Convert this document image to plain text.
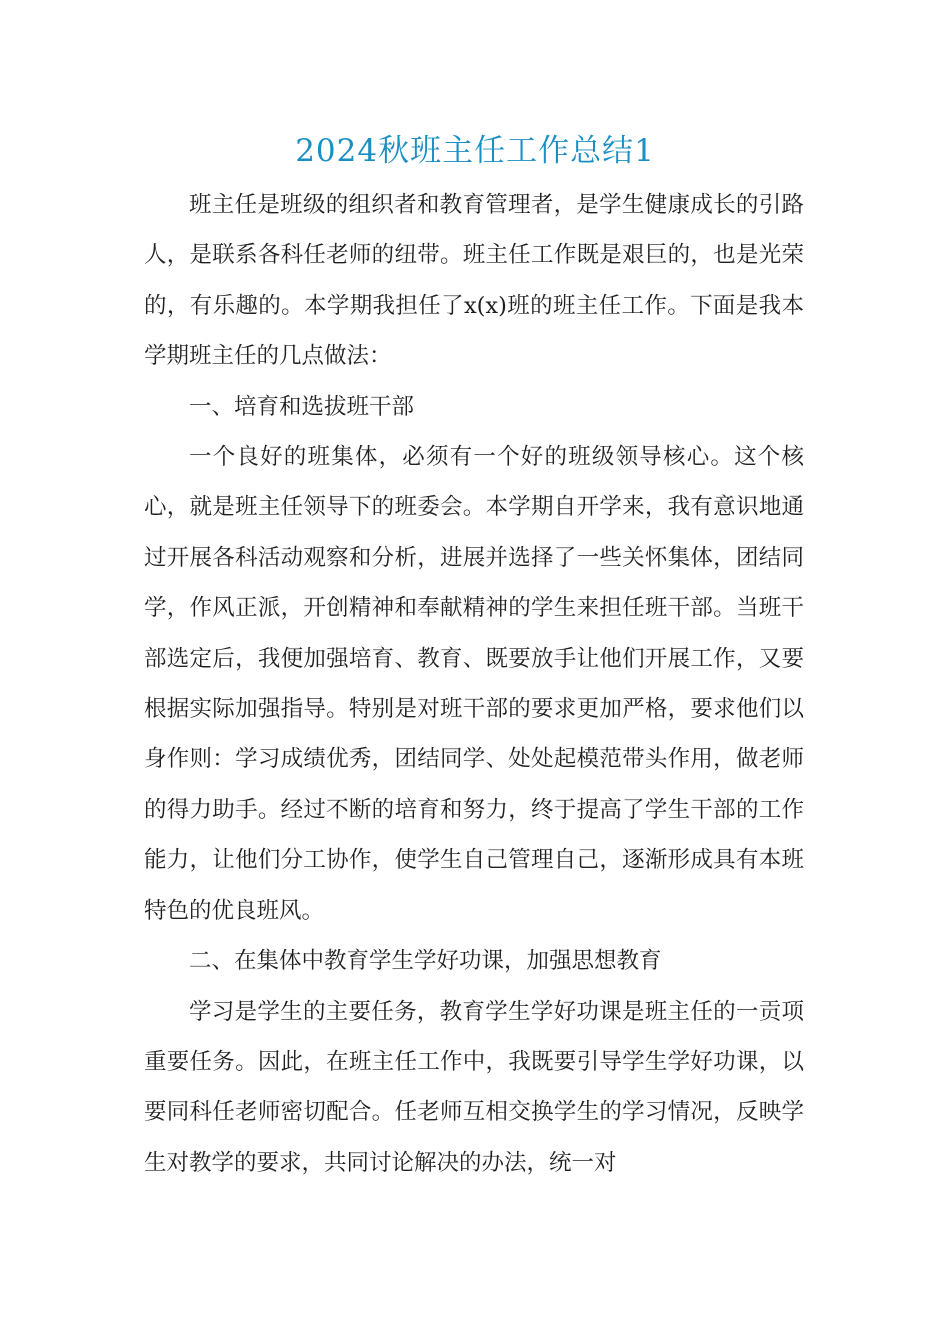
2024秋班主任工作总结1

班主任是班级的组织者和教育管理者，是学生健康成长的引路人，是联系各科任老师的纽带。班主任工作既是艰巨的，也是光荣的，有乐趣的。本学期我担任了x(x)班的班主任工作。下面是我本学期班主任的几点做法：

一、培育和选拔班干部

一个良好的班集体，必须有一个好的班级领导核心。这个核心，就是班主任领导下的班委会。本学期自开学来，我有意识地通过开展各科活动观察和分析，进展并选择了一些关怀集体，团结同学，作风正派，开创精神和奉献精神的学生来担任班干部。当班干部选定后，我便加强培育、教育、既要放手让他们开展工作，又要根据实际加强指导。特别是对班干部的要求更加严格，要求他们以身作则：学习成绩优秀，团结同学、处处起模范带头作用，做老师的得力助手。经过不断的培育和努力，终于提高了学生干部的工作能力，让他们分工协作，使学生自己管理自己，逐渐形成具有本班特色的优良班风。

二、在集体中教育学生学好功课，加强思想教育

学习是学生的主要任务，教育学生学好功课是班主任的一贡项重要任务。因此，在班主任工作中，我既要引导学生学好功课，以要同科任老师密切配合。任老师互相交换学生的学习情况，反映学生对教学的要求，共同讨论解决的办法，统一对
